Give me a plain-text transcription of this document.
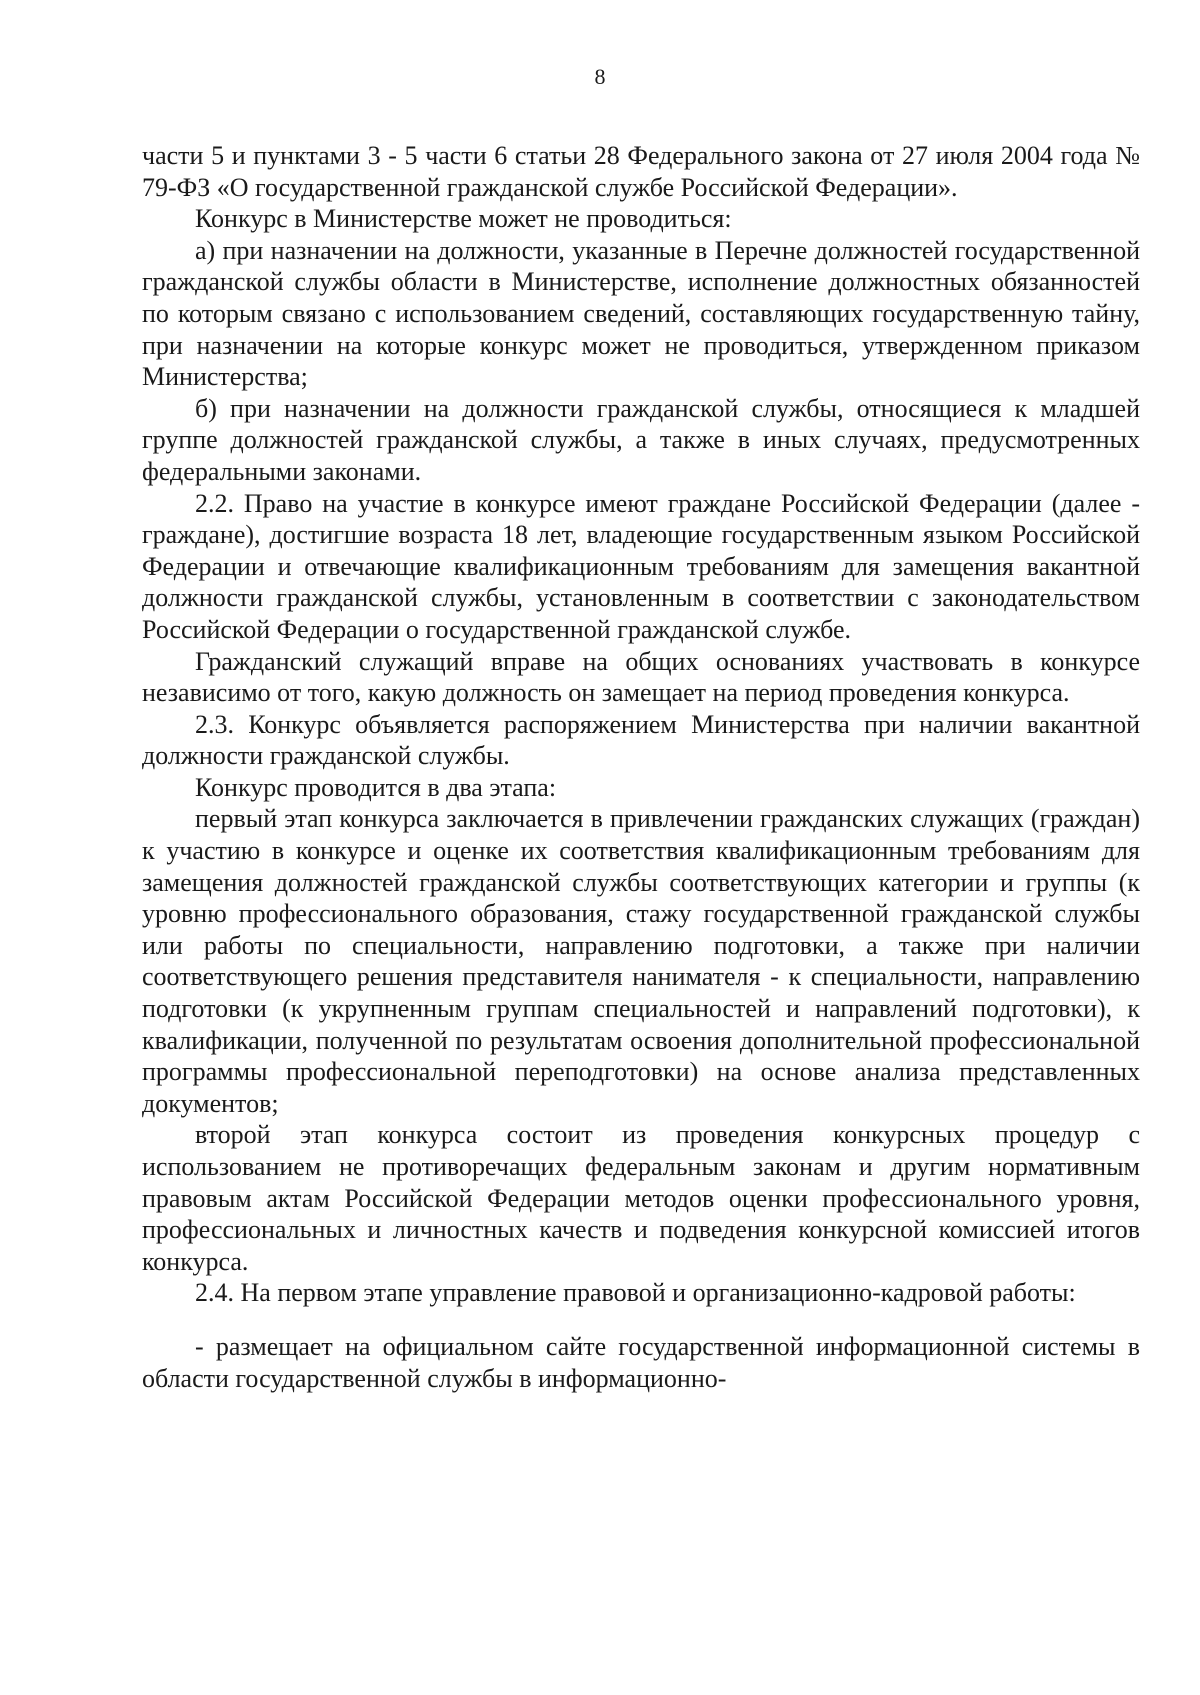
8

части 5 и пунктами 3 - 5 части 6 статьи 28 Федерального закона от 27 июля 2004 года № 79-ФЗ «О государственной гражданской службе Российской Федерации».

Конкурс в Министерстве может не проводиться:

а) при назначении на должности, указанные в Перечне должностей государственной гражданской службы области в Министерстве, исполнение должностных обязанностей по которым связано с использованием сведений, составляющих государственную тайну, при назначении на которые конкурс может не проводиться, утвержденном приказом Министерства;

б) при назначении на должности гражданской службы, относящиеся к младшей группе должностей гражданской службы, а также в иных случаях, предусмотренных федеральными законами.

2.2. Право на участие в конкурсе имеют граждане Российской Федерации (далее - граждане), достигшие возраста 18 лет, владеющие государственным языком Российской Федерации и отвечающие квалификационным требованиям для замещения вакантной должности гражданской службы, установленным в соответствии с законодательством Российской Федерации о государственной гражданской службе.

Гражданский служащий вправе на общих основаниях участвовать в конкурсе независимо от того, какую должность он замещает на период проведения конкурса.

2.3. Конкурс объявляется распоряжением Министерства при наличии вакантной должности гражданской службы.

Конкурс проводится в два этапа:

первый этап конкурса заключается в привлечении гражданских служащих (граждан) к участию в конкурсе и оценке их соответствия квалификационным требованиям для замещения должностей гражданской службы соответствующих категории и группы (к уровню профессионального образования, стажу государственной гражданской службы или работы по специальности, направлению подготовки, а также при наличии соответствующего решения представителя нанимателя - к специальности, направлению подготовки (к укрупненным группам специальностей и направлений подготовки), к квалификации, полученной по результатам освоения дополнительной профессиональной программы профессиональной переподготовки) на основе анализа представленных документов;

второй этап конкурса состоит из проведения конкурсных процедур с использованием не противоречащих федеральным законам и другим нормативным правовым актам Российской Федерации методов оценки профессионального уровня, профессиональных и личностных качеств и подведения конкурсной комиссией итогов конкурса.

2.4. На первом этапе управление правовой и организационно-кадровой работы:

- размещает на официальном сайте государственной информационной системы в области государственной службы в информационно-
